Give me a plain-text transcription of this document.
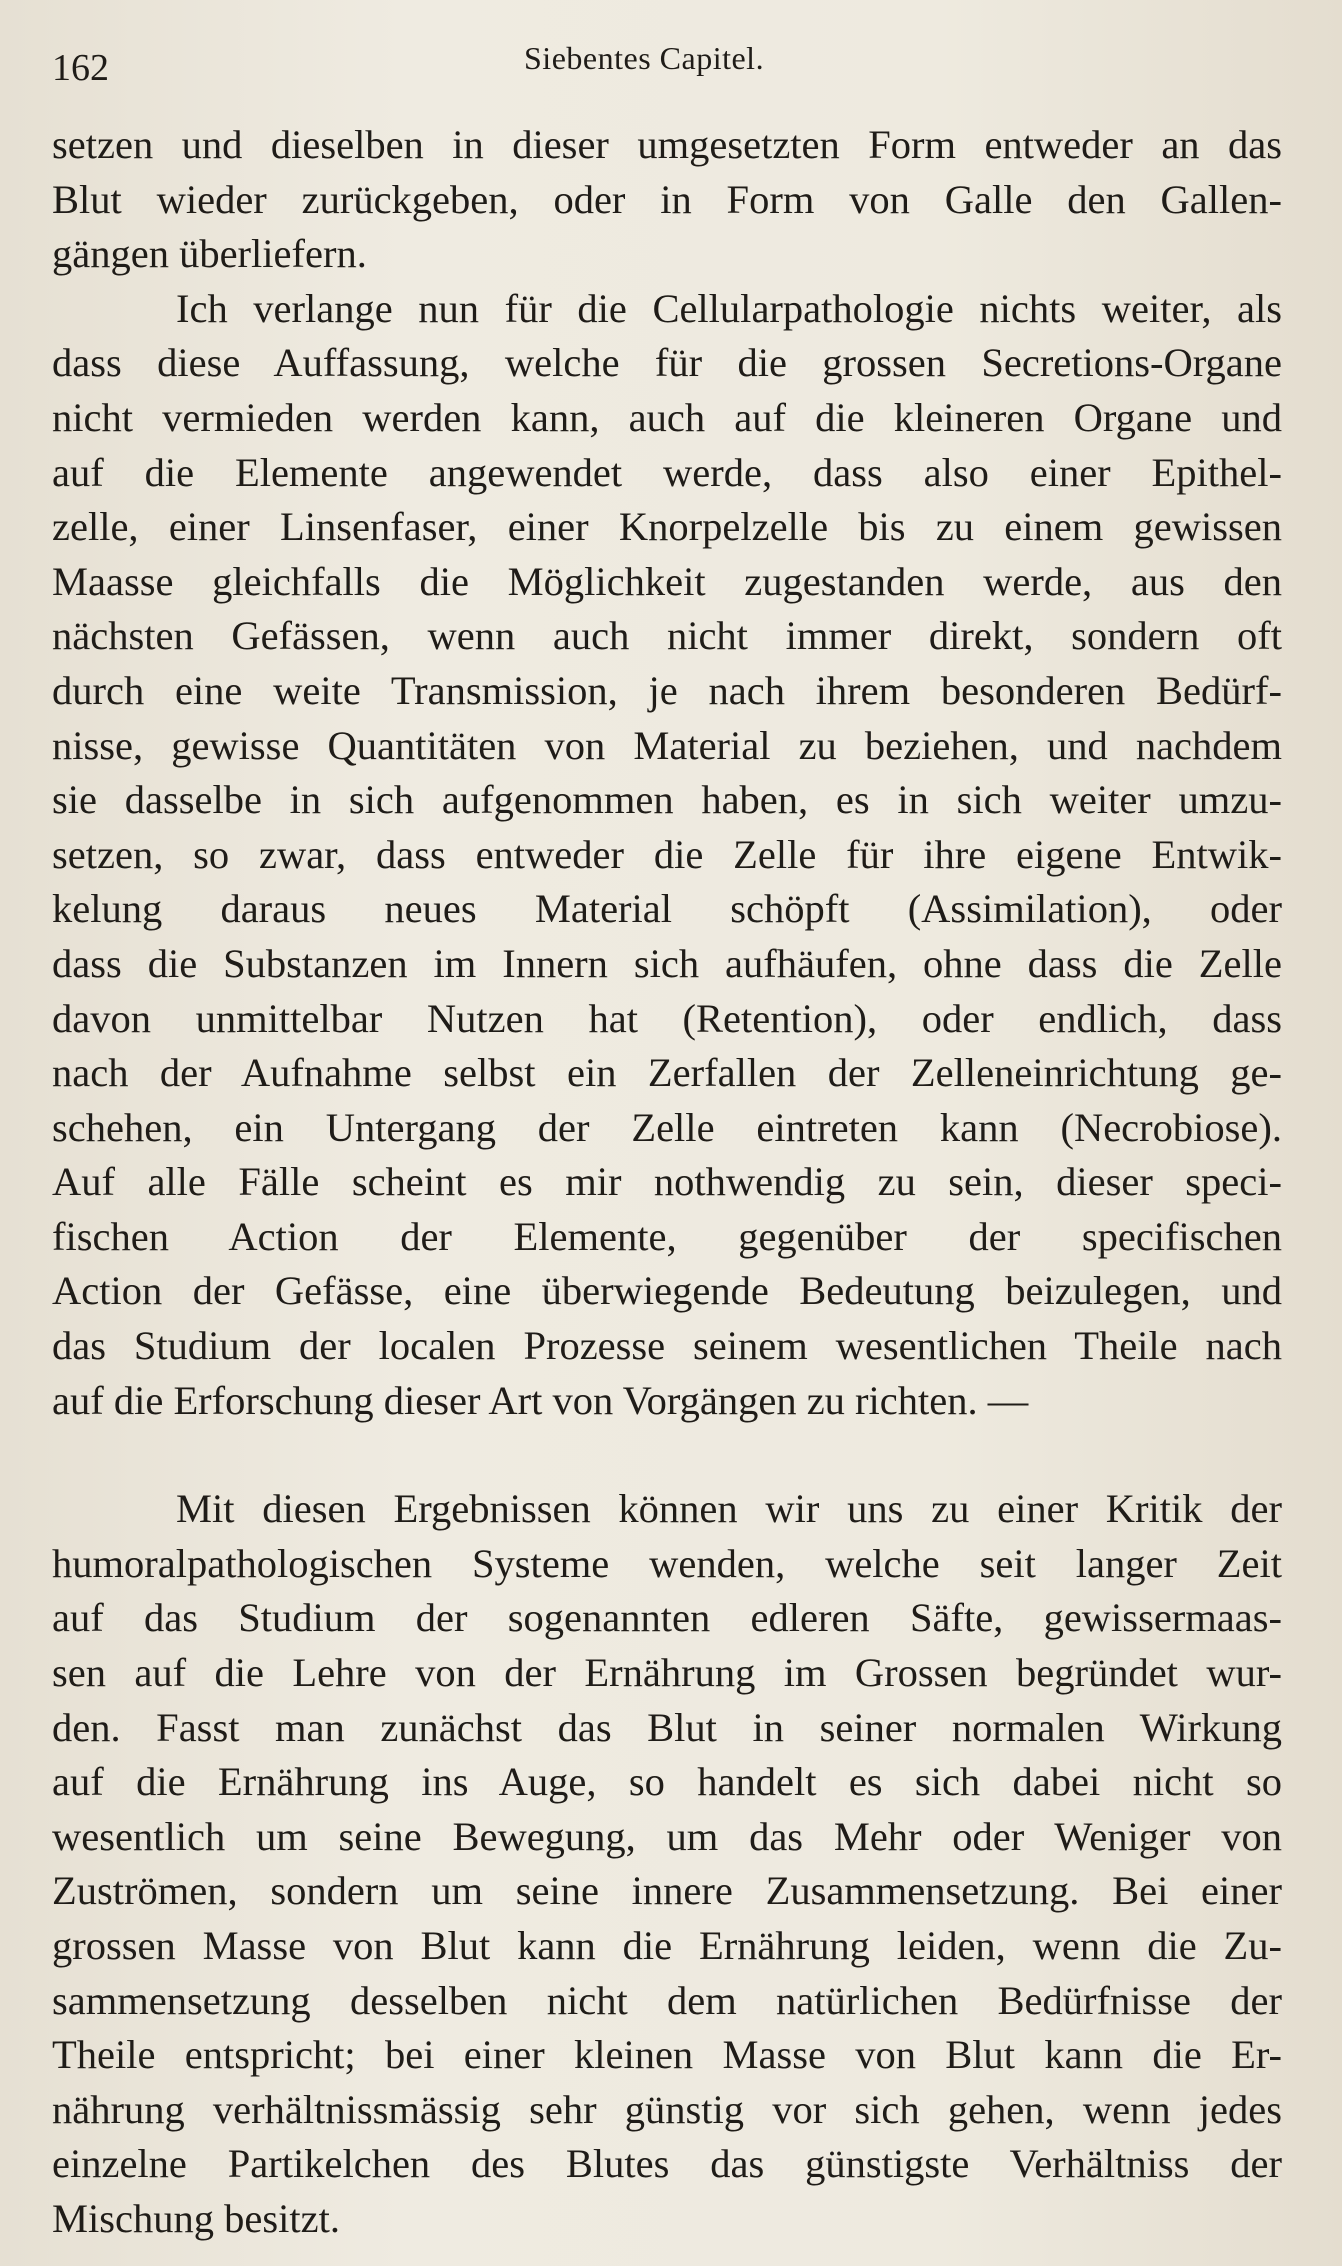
162	Siebentes Capitel.

setzen und dieselben in dieser umgesetzten Form entweder an das
Blut wieder zurückgeben, oder in Form von Galle den Gallen-
gängen überliefern.

Ich verlange nun für die Cellularpathologie nichts weiter, als
dass diese Auffassung, welche für die grossen Secretions-Organe
nicht vermieden werden kann, auch auf die kleineren Organe und
auf die Elemente angewendet werde, dass also einer Epithel-
zelle, einer Linsenfaser, einer Knorpelzelle bis zu einem gewissen
Maasse gleichfalls die Möglichkeit zugestanden werde, aus den
nächsten Gefässen, wenn auch nicht immer direkt, sondern oft
durch eine weite Transmission, je nach ihrem besonderen Bedürf-
nisse, gewisse Quantitäten von Material zu beziehen, und nachdem
sie dasselbe in sich aufgenommen haben, es in sich weiter umzu-
setzen, so zwar, dass entweder die Zelle für ihre eigene Entwik-
kelung daraus neues Material schöpft (Assimilation), oder
dass die Substanzen im Innern sich aufhäufen, ohne dass die Zelle
davon unmittelbar Nutzen hat (Retention), oder endlich, dass
nach der Aufnahme selbst ein Zerfallen der Zelleneinrichtung ge-
schehen, ein Untergang der Zelle eintreten kann (Necrobiose).
Auf alle Fälle scheint es mir nothwendig zu sein, dieser speci-
fischen Action der Elemente, gegenüber der specifischen
Action der Gefässe, eine überwiegende Bedeutung beizulegen, und
das Studium der localen Prozesse seinem wesentlichen Theile nach
auf die Erforschung dieser Art von Vorgängen zu richten. —

Mit diesen Ergebnissen können wir uns zu einer Kritik der
humoralpathologischen Systeme wenden, welche seit langer Zeit
auf das Studium der sogenannten edleren Säfte, gewissermaas-
sen auf die Lehre von der Ernährung im Grossen begründet wur-
den. Fasst man zunächst das Blut in seiner normalen Wirkung
auf die Ernährung ins Auge, so handelt es sich dabei nicht so
wesentlich um seine Bewegung, um das Mehr oder Weniger von
Zuströmen, sondern um seine innere Zusammensetzung. Bei einer
grossen Masse von Blut kann die Ernährung leiden, wenn die Zu-
sammensetzung desselben nicht dem natürlichen Bedürfnisse der
Theile entspricht; bei einer kleinen Masse von Blut kann die Er-
nährung verhältnissmässig sehr günstig vor sich gehen, wenn jedes
einzelne Partikelchen des Blutes das günstigste Verhältniss der
Mischung besitzt.
